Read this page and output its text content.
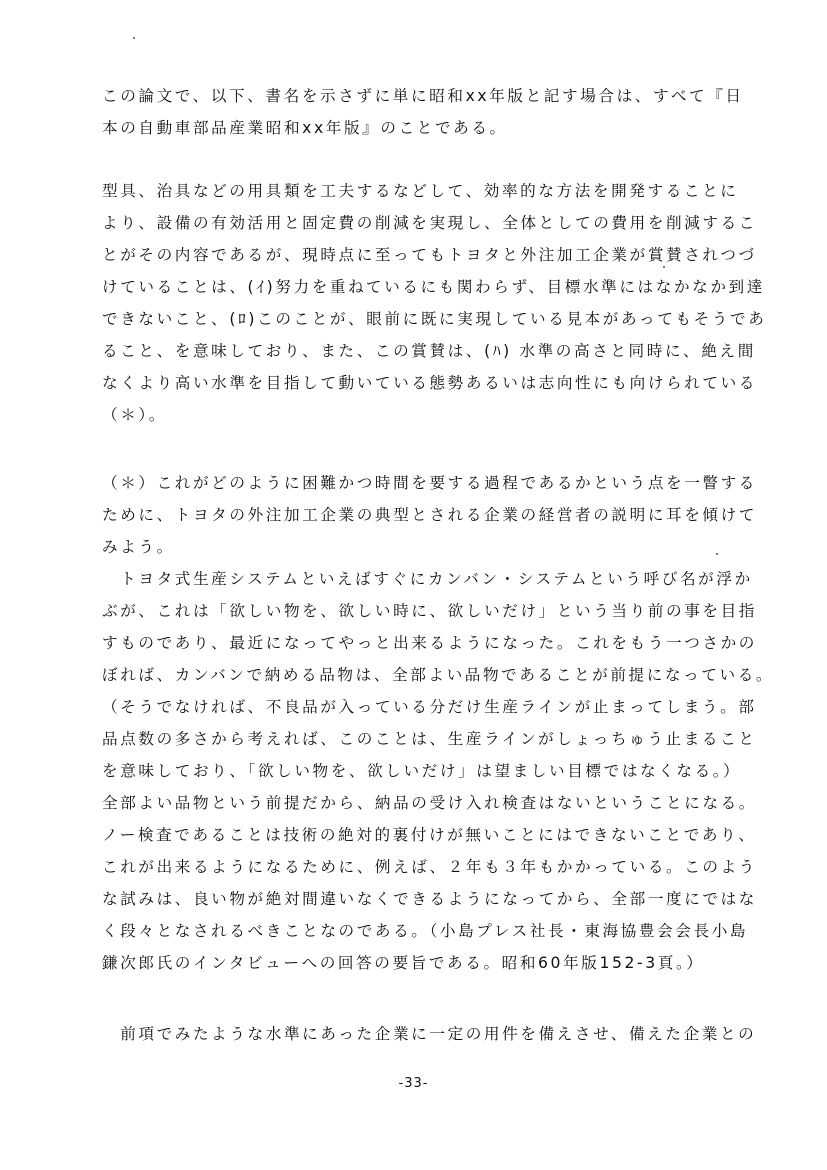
この論文で、以下、書名を示さずに単に昭和xx年版と記す場合は、すべて『日
本の自動車部品産業昭和xx年版』のことである。
型具、治具などの用具類を工夫するなどして、効率的な方法を開発することに
より、設備の有効活用と固定費の削減を実現し、全体としての費用を削減するこ
とがその内容であるが、現時点に至ってもトヨタと外注加工企業が賞賛されつづ
けていることは、(ｲ)努力を重ねているにも関わらず、目標水準にはなかなか到達
できないこと、(ﾛ)このことが、眼前に既に実現している見本があってもそうであ
ること、を意味しており、また、この賞賛は、(ﾊ) 水準の高さと同時に、絶え間
なくより高い水準を目指して動いている態勢あるいは志向性にも向けられている
（＊）。
（＊）これがどのように困難かつ時間を要する過程であるかという点を一瞥する
ために、トヨタの外注加工企業の典型とされる企業の経営者の説明に耳を傾けて
みよう。
　トヨタ式生産システムといえばすぐにカンバン・システムという呼び名が浮か
ぶが、これは「欲しい物を、欲しい時に、欲しいだけ」という当り前の事を目指
すものであり、最近になってやっと出来るようになった。これをもう一つさかの
ぼれば、カンバンで納める品物は、全部よい品物であることが前提になっている。
（そうでなければ、不良品が入っている分だけ生産ラインが止まってしまう。部
品点数の多さから考えれば、このことは、生産ラインがしょっちゅう止まること
を意味しており、「欲しい物を、欲しいだけ」は望ましい目標ではなくなる。）
全部よい品物という前提だから、納品の受け入れ検査はないということになる。
ノー検査であることは技術の絶対的裏付けが無いことにはできないことであり、
これが出来るようになるために、例えば、２年も３年もかかっている。このよう
な試みは、良い物が絶対間違いなくできるようになってから、全部一度にではな
く段々となされるべきことなのである。（小島プレス社長・東海協豊会会長小島
鎌次郎氏のインタビューへの回答の要旨である。昭和60年版152-3頁。）
　前項でみたような水準にあった企業に一定の用件を備えさせ、備えた企業との
-33-
